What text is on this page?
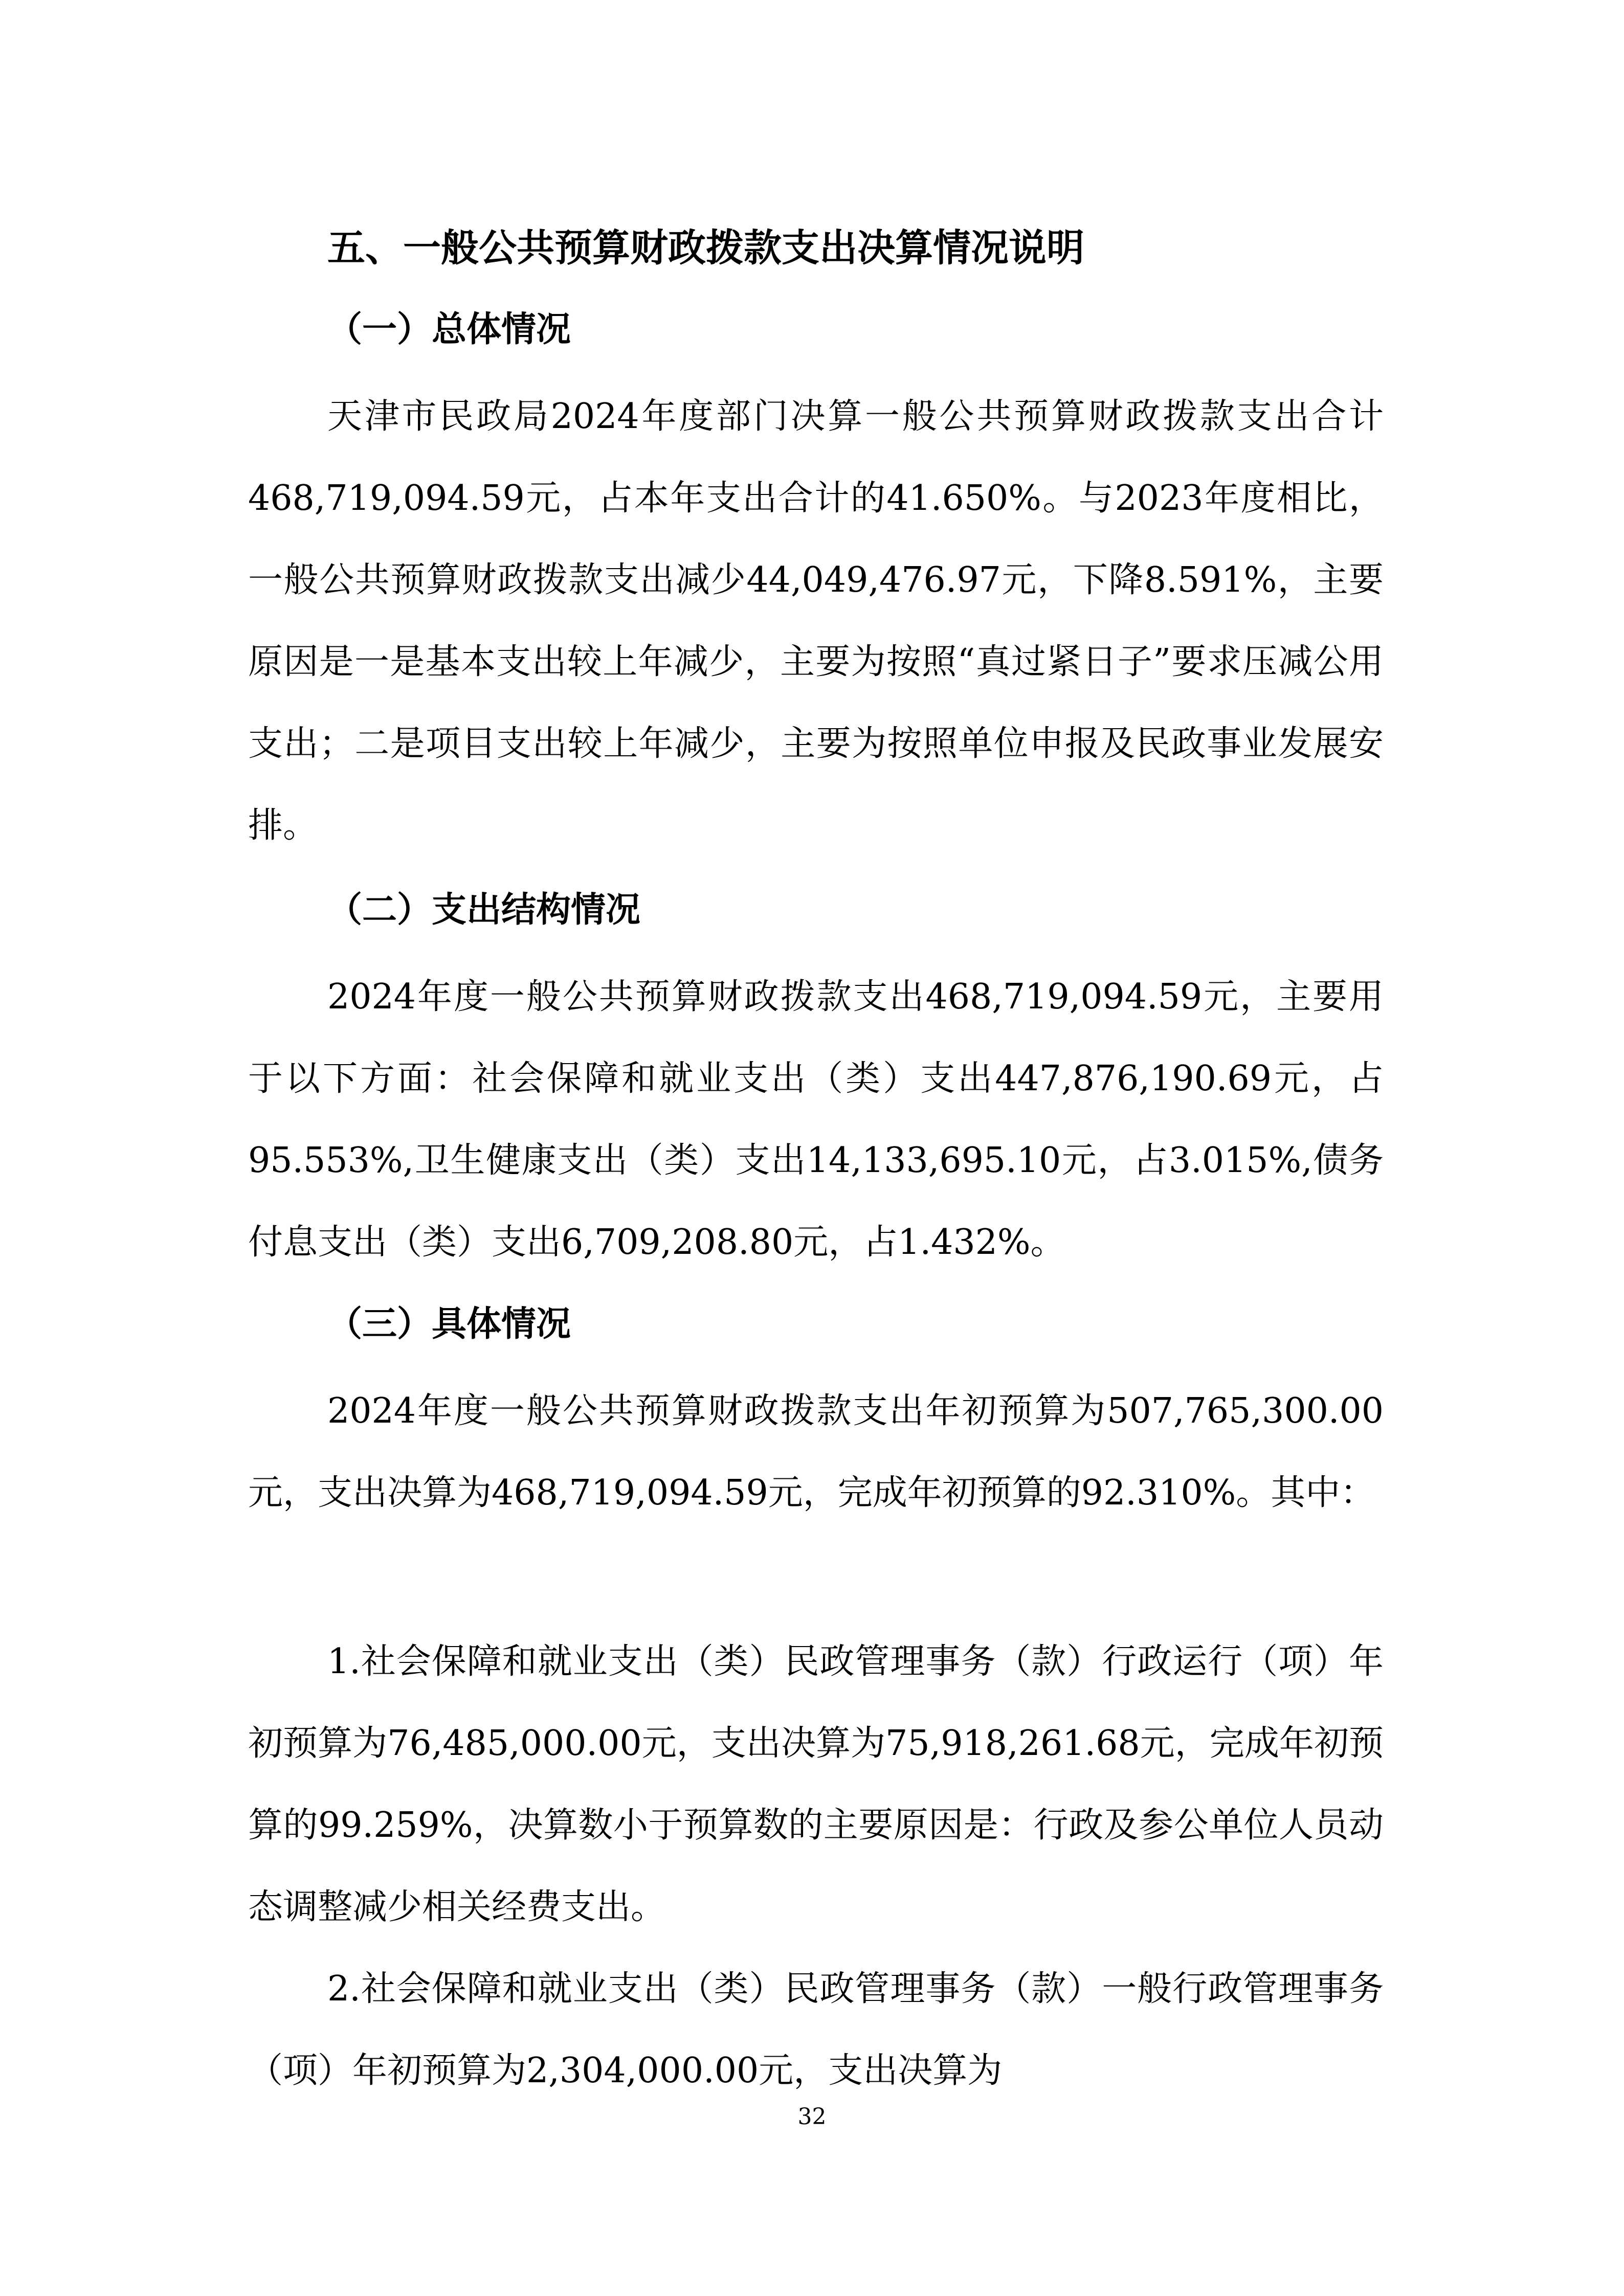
五、一般公共预算财政拨款支出决算情况说明
（一）总体情况

天津市民政局2024年度部门决算一般公共预算财政拨款支出合计468,719,094.59元，占本年支出合计的41.650%。与2023年度相比，一般公共预算财政拨款支出减少44,049,476.97元，下降8.591%，主要原因是一是基本支出较上年减少，主要为按照“真过紧日子”要求压减公用支出；二是项目支出较上年减少，主要为按照单位申报及民政事业发展安排。

（二）支出结构情况

2024年度一般公共预算财政拨款支出468,719,094.59元，主要用于以下方面：社会保障和就业支出（类）支出447,876,190.69元，占95.553%,卫生健康支出（类）支出14,133,695.10元，占3.015%,债务付息支出（类）支出6,709,208.80元，占1.432%。

（三）具体情况

2024年度一般公共预算财政拨款支出年初预算为507,765,300.00元，支出决算为468,719,094.59元，完成年初预算的92.310%。其中：

1.社会保障和就业支出（类）民政管理事务（款）行政运行（项）年初预算为76,485,000.00元，支出决算为75,918,261.68元，完成年初预算的99.259%，决算数小于预算数的主要原因是：行政及参公单位人员动态调整减少相关经费支出。

2.社会保障和就业支出（类）民政管理事务（款）一般行政管理事务（项）年初预算为2,304,000.00元，支出决算为

32
